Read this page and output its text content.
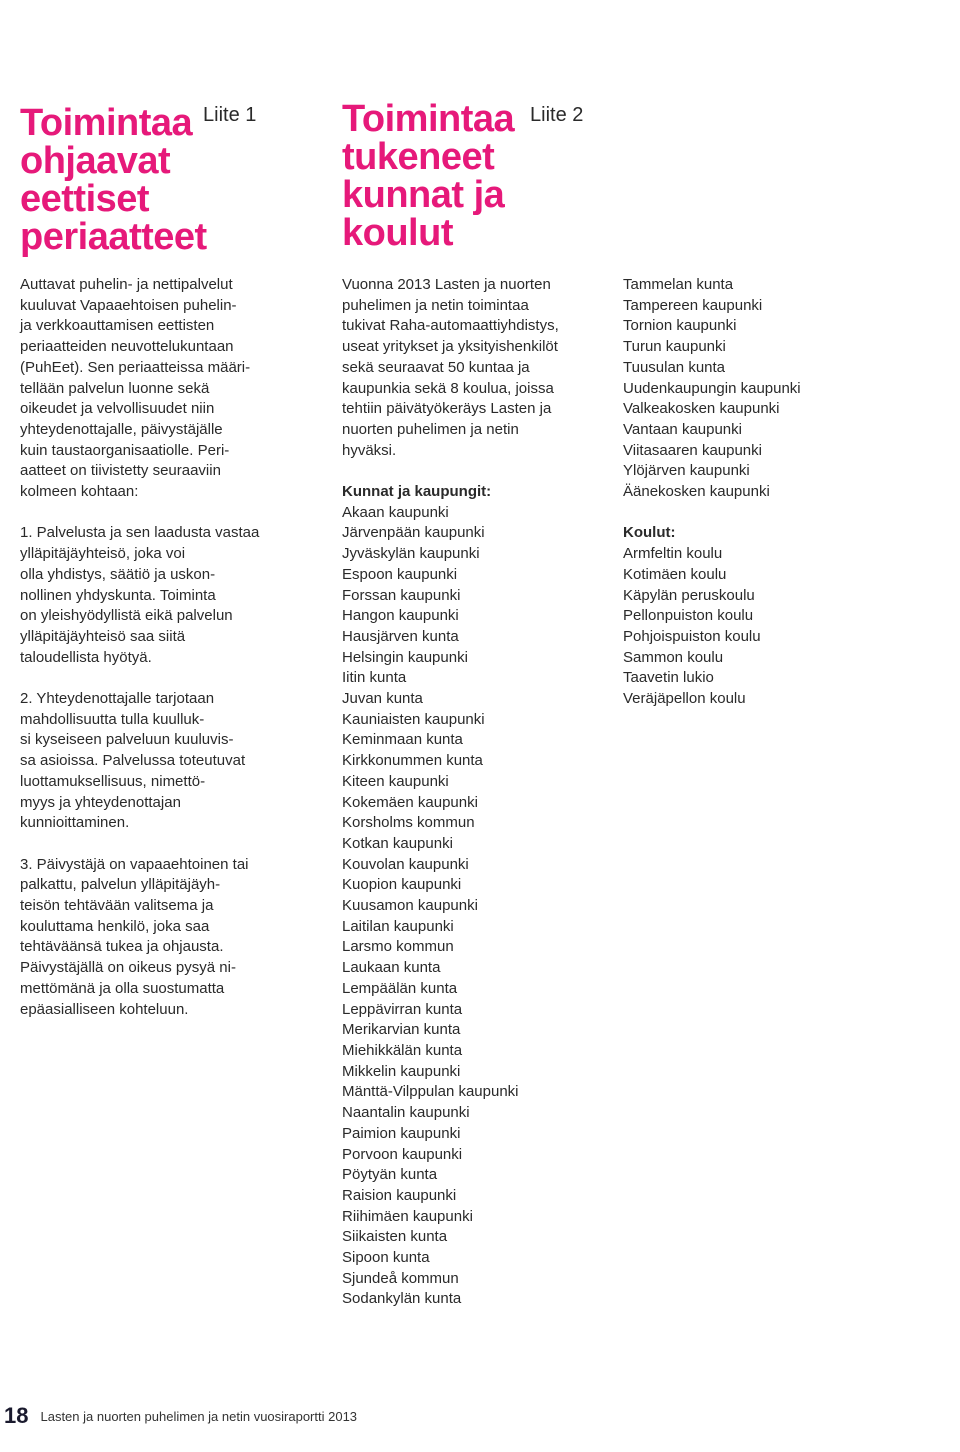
Toimintaa
ohjaavat
eettiset
periaatteet
Liite 1

Auttavat puhelin- ja nettipalvelut
kuuluvat Vapaaehtoisen puhelin-
ja verkkoauttamisen eettisten
periaatteiden neuvottelukuntaan
(PuhEet). Sen periaatteissa määri-
tellään palvelun luonne sekä
oikeudet ja velvollisuudet niin
yhteydenottajalle, päivystäjälle
kuin taustaorganisaatiolle. Peri-
aatteet on tiivistetty seuraaviin
kolmeen kohtaan:

1. Palvelusta ja sen laadusta vastaa
ylläpitäjäyhteisö, joka voi
olla yhdistys, säätiö ja uskon-
nollinen yhdyskunta. Toiminta
on yleishyödyllistä eikä palvelun
ylläpitäjäyhteisö saa siitä
taloudellista hyötyä.

2. Yhteydenottajalle tarjotaan
mahdollisuutta tulla kuulluk-
si kyseiseen palveluun kuuluvis-
sa asioissa. Palvelussa toteutuvat
luottamuksellisuus, nimettö-
myys ja yhteydenottajan
kunnioittaminen.

3. Päivystäjä on vapaaehtoinen tai
palkattu, palvelun ylläpitäjäyh-
teisön tehtävään valitsema ja
kouluttama henkilö, joka saa
tehtäväänsä tukea ja ohjausta.
Päivystäjällä on oikeus pysyä ni-
mettömänä ja olla suostumatta
epäasialliseen kohteluun.

Toimintaa
tukeneet
kunnat ja
koulut
Liite 2

Vuonna 2013 Lasten ja nuorten
puhelimen ja netin toimintaa
tukivat Raha-automaattiyhdistys,
useat yritykset ja yksityishenkilöt
sekä seuraavat 50 kuntaa ja
kaupunkia sekä 8 koulua, joissa
tehtiin päivätyökeräys Lasten ja
nuorten puhelimen ja netin
hyväksi.

Kunnat ja kaupungit:

Akaan kaupunki
Järvenpään kaupunki
Jyväskylän kaupunki
Espoon kaupunki
Forssan kaupunki
Hangon kaupunki
Hausjärven kunta
Helsingin kaupunki
Iitin kunta
Juvan kunta
Kauniaisten kaupunki
Keminmaan kunta
Kirkkonummen kunta
Kiteen kaupunki
Kokemäen kaupunki
Korsholms kommun
Kotkan kaupunki
Kouvolan kaupunki
Kuopion kaupunki
Kuusamon kaupunki
Laitilan kaupunki
Larsmo kommun
Laukaan kunta
Lempäälän kunta
Leppävirran kunta
Merikarvian kunta
Miehikkälän kunta
Mikkelin kaupunki
Mänttä-Vilppulan kaupunki
Naantalin kaupunki
Paimion kaupunki
Porvoon kaupunki
Pöytyän kunta
Raision kaupunki
Riihimäen kaupunki
Siikaisten kunta
Sipoon kunta
Sjundeå kommun
Sodankylän kunta
Tammelan kunta
Tampereen kaupunki
Tornion kaupunki
Turun kaupunki
Tuusulan kunta
Uudenkaupungin kaupunki
Valkeakosken kaupunki
Vantaan kaupunki
Viitasaaren kaupunki
Ylöjärven kaupunki
Äänekosken kaupunki

Koulut:

Armfeltin koulu
Kotimäen koulu
Käpylän peruskoulu
Pellonpuiston koulu
Pohjoispuiston koulu
Sammon koulu
Taavetin lukio
Veräjäpellon koulu
18 Lasten ja nuorten puhelimen ja netin vuosiraportti 2013
